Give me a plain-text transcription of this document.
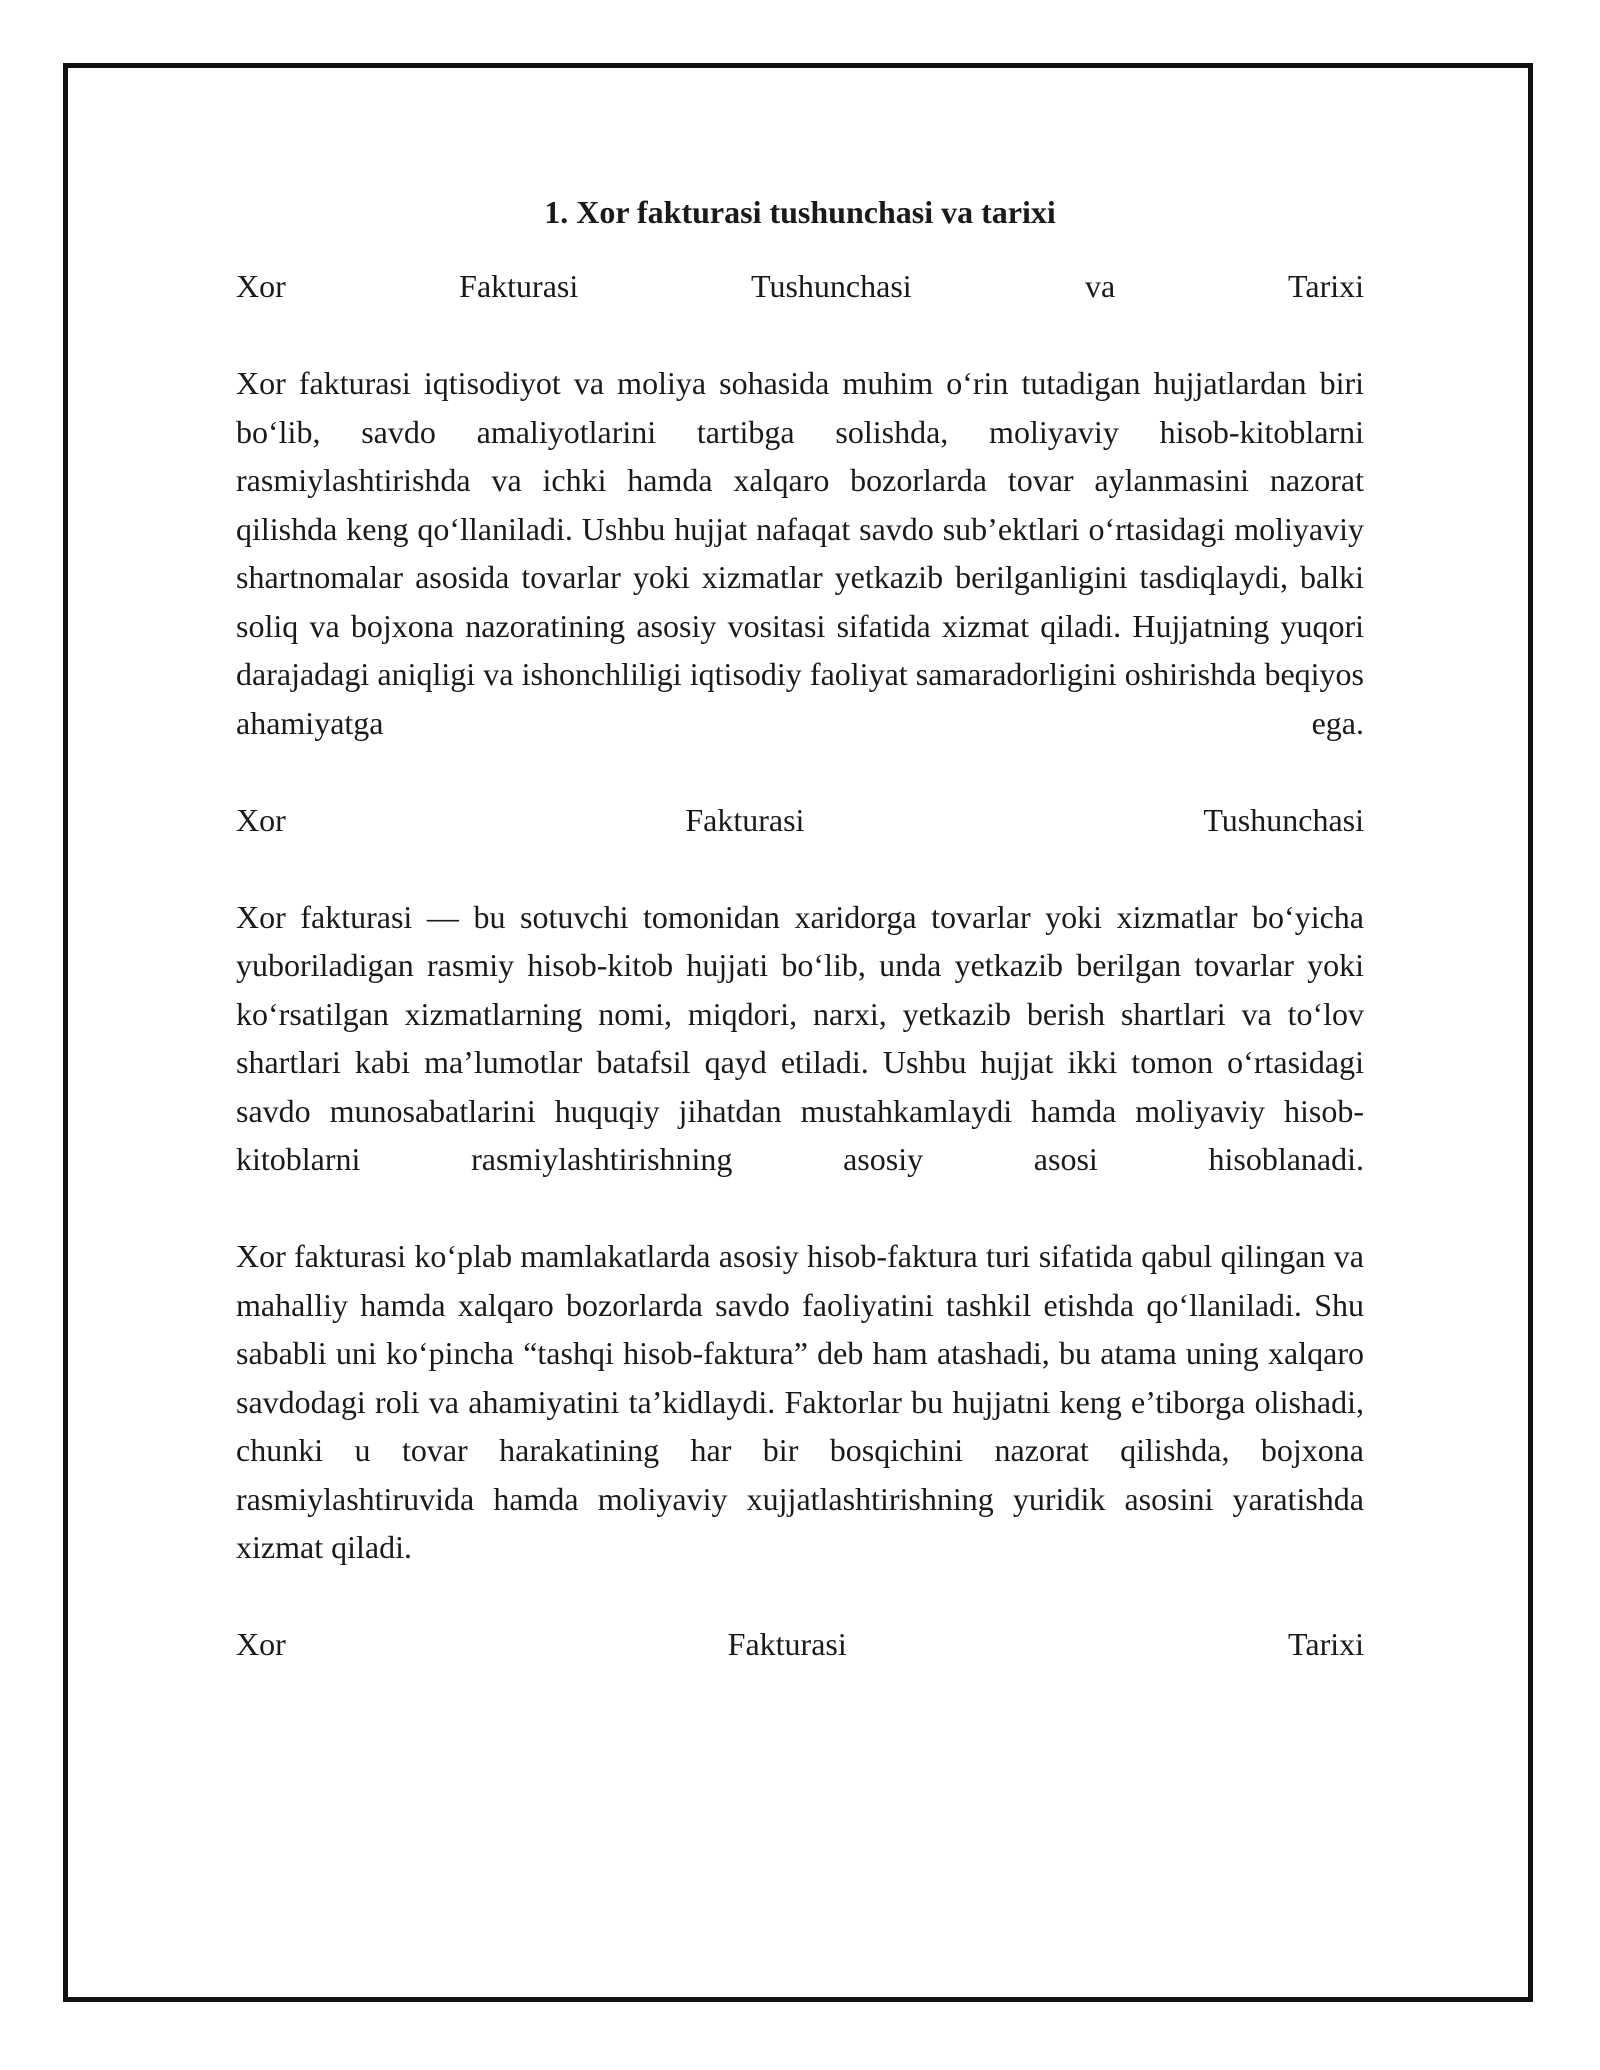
1. Xor fakturasi tushunchasi va tarixi

Xor Fakturasi Tushunchasi va Tarixi

Xor fakturasi iqtisodiyot va moliya sohasida muhim o‘rin tutadigan hujjatlardan biri bo‘lib, savdo amaliyotlarini tartibga solishda, moliyaviy hisob-kitoblarni rasmiylashtirishda va ichki hamda xalqaro bozorlarda tovar aylanmasini nazorat qilishda keng qo‘llaniladi. Ushbu hujjat nafaqat savdo sub’ektlari o‘rtasidagi moliyaviy shartnomalar asosida tovarlar yoki xizmatlar yetkazib berilganligini tasdiqlaydi, balki soliq va bojxona nazoratining asosiy vositasi sifatida xizmat qiladi. Hujjatning yuqori darajadagi aniqligi va ishonchliligi iqtisodiy faoliyat samaradorligini oshirishda beqiyos ahamiyatga ega.

Xor Fakturasi Tushunchasi

Xor fakturasi — bu sotuvchi tomonidan xaridorga tovarlar yoki xizmatlar bo‘yicha yuboriladigan rasmiy hisob-kitob hujjati bo‘lib, unda yetkazib berilgan tovarlar yoki ko‘rsatilgan xizmatlarning nomi, miqdori, narxi, yetkazib berish shartlari va to‘lov shartlari kabi ma’lumotlar batafsil qayd etiladi. Ushbu hujjat ikki tomon o‘rtasidagi savdo munosabatlarini huquqiy jihatdan mustahkamlaydi hamda moliyaviy hisob-kitoblarni rasmiylashtirishning asosiy asosi hisoblanadi.

Xor fakturasi ko‘plab mamlakatlarda asosiy hisob-faktura turi sifatida qabul qilingan va mahalliy hamda xalqaro bozorlarda savdo faoliyatini tashkil etishda qo‘llaniladi. Shu sababli uni ko‘pincha “tashqi hisob-faktura” deb ham atashadi, bu atama uning xalqaro savdodagi roli va ahamiyatini ta’kidlaydi. Faktorlar bu hujjatni keng e’tiborga olishadi, chunki u tovar harakatining har bir bosqichini nazorat qilishda, bojxona rasmiylashtiruvida hamda moliyaviy xujjatlashtirishning yuridik asosini yaratishda xizmat qiladi.

Xor Fakturasi Tarixi
